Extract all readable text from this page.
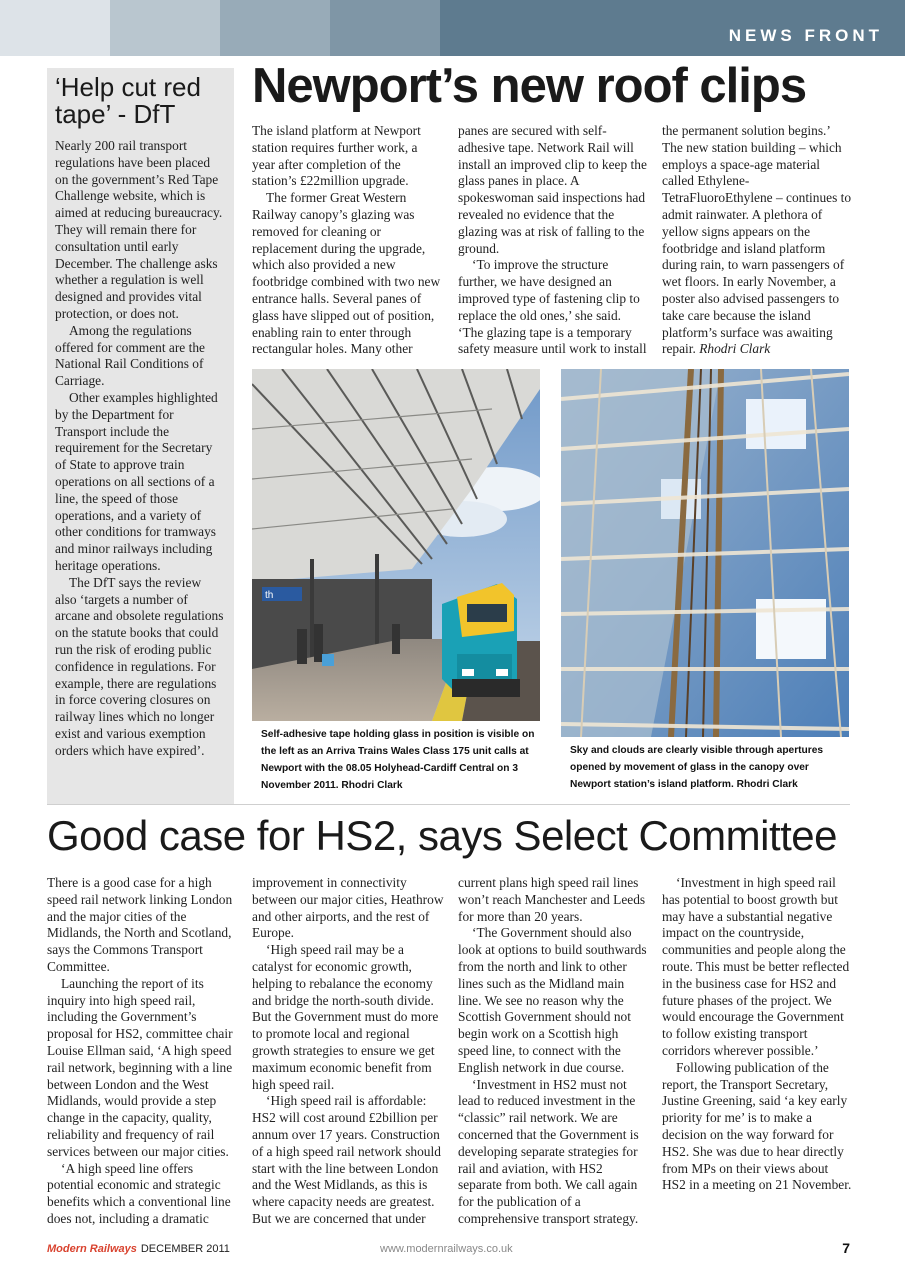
NEWS FRONT
‘Help cut red tape’ - DfT

Nearly 200 rail transport regulations have been placed on the government’s Red Tape Challenge website, which is aimed at reducing bureaucracy. They will remain there for consultation until early December. The challenge asks whether a regulation is well designed and provides vital protection, or does not.

Among the regulations offered for comment are the National Rail Conditions of Carriage.

Other examples highlighted by the Department for Transport include the requirement for the Secretary of State to approve train operations on all sections of a line, the speed of those operations, and a variety of other conditions for tramways and minor railways including heritage operations.

The DfT says the review also ‘targets a number of arcane and obsolete regulations on the statute books that could run the risk of eroding public confidence in regulations. For example, there are regulations in force covering closures on railway lines which no longer exist and various exemption orders which have expired’.

Newport’s new roof clips

The island platform at Newport station requires further work, a year after completion of the station’s £22million upgrade.

The former Great Western Railway canopy’s glazing was removed for cleaning or replacement during the upgrade, which also provided a new footbridge combined with two new entrance halls. Several panes of glass have slipped out of position, enabling rain to enter through rectangular holes. Many other

panes are secured with self-adhesive tape. Network Rail will install an improved clip to keep the glass panes in place. A spokeswoman said inspections had revealed no evidence that the glazing was at risk of falling to the ground.

‘To improve the structure further, we have designed an improved type of fastening clip to replace the old ones,’ she said. ‘The glazing tape is a temporary safety measure until work to install

the permanent solution begins.’ The new station building – which employs a space-age material called Ethylene-TetraFluoroEthylene – continues to admit rainwater. A plethora of yellow signs appears on the footbridge and island platform during rain, to warn passengers of wet floors. In early November, a poster also advised passengers to take care because the island platform’s surface was awaiting repair. Rhodri Clark

th
Self-adhesive tape holding glass in position is visible on the left as an Arriva Trains Wales Class 175 unit calls at Newport with the 08.05 Holyhead-Cardiff Central on 3 November 2011. Rhodri Clark
Sky and clouds are clearly visible through apertures opened by movement of glass in the canopy over Newport station’s island platform. Rhodri Clark
Good case for HS2, says Select Committee

There is a good case for a high speed rail network linking London and the major cities of the Midlands, the North and Scotland, says the Commons Transport Committee.

Launching the report of its inquiry into high speed rail, including the Government’s proposal for HS2, committee chair Louise Ellman said, ‘A high speed rail network, beginning with a line between London and the West Midlands, would provide a step change in the capacity, quality, reliability and frequency of rail services between our major cities.

‘A high speed line offers potential economic and strategic benefits which a conventional line does not, including a dramatic

improvement in connectivity between our major cities, Heathrow and other airports, and the rest of Europe.

‘High speed rail may be a catalyst for economic growth, helping to rebalance the economy and bridge the north-south divide. But the Government must do more to promote local and regional growth strategies to ensure we get maximum economic benefit from high speed rail.

‘High speed rail is affordable: HS2 will cost around £2billion per annum over 17 years. Construction of a high speed rail network should start with the line between London and the West Midlands, as this is where capacity needs are greatest. But we are concerned that under

current plans high speed rail lines won’t reach Manchester and Leeds for more than 20 years.

‘The Government should also look at options to build southwards from the north and link to other lines such as the Midland main line. We see no reason why the Scottish Government should not begin work on a Scottish high speed line, to connect with the English network in due course.

‘Investment in HS2 must not lead to reduced investment in the “classic” rail network. We are concerned that the Government is developing separate strategies for rail and aviation, with HS2 separate from both. We call again for the publication of a comprehensive transport strategy.

‘Investment in high speed rail has potential to boost growth but may have a substantial negative impact on the countryside, communities and people along the route. This must be better reflected in the business case for HS2 and future phases of the project. We would encourage the Government to follow existing transport corridors wherever possible.’

Following publication of the report, the Transport Secretary, Justine Greening, said ‘a key early priority for me’ is to make a decision on the way forward for HS2. She was due to hear directly from MPs on their views about HS2 in a meeting on 21 November.

Modern Railways DECEMBER 2011	www.modernrailways.co.uk	7
